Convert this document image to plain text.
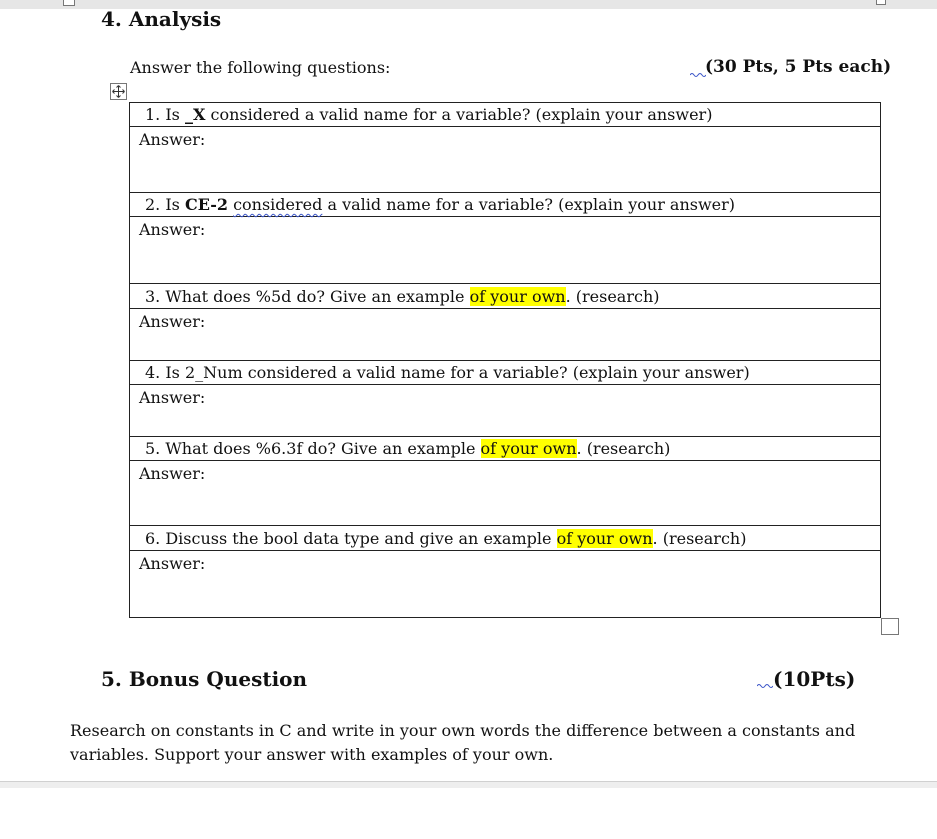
4. Analysis
Answer the following questions:	(30 Pts, 5 Pts each)
1. Is _X considered a valid name for a variable? (explain your answer)
Answer:
2. Is CE-2 considered a valid name for a variable? (explain your answer)
Answer:
3. What does %5d do? Give an example of your own. (research)
Answer:
4. Is 2_Num considered a valid name for a variable? (explain your answer)
Answer:
5. What does %6.3f do? Give an example of your own. (research)
Answer:
6. Discuss the bool data type and give an example of your own. (research)
Answer:
5. Bonus Question	(10Pts)
Research on constants in C and write in your own words the difference between a constants and variables. Support your answer with examples of your own.
